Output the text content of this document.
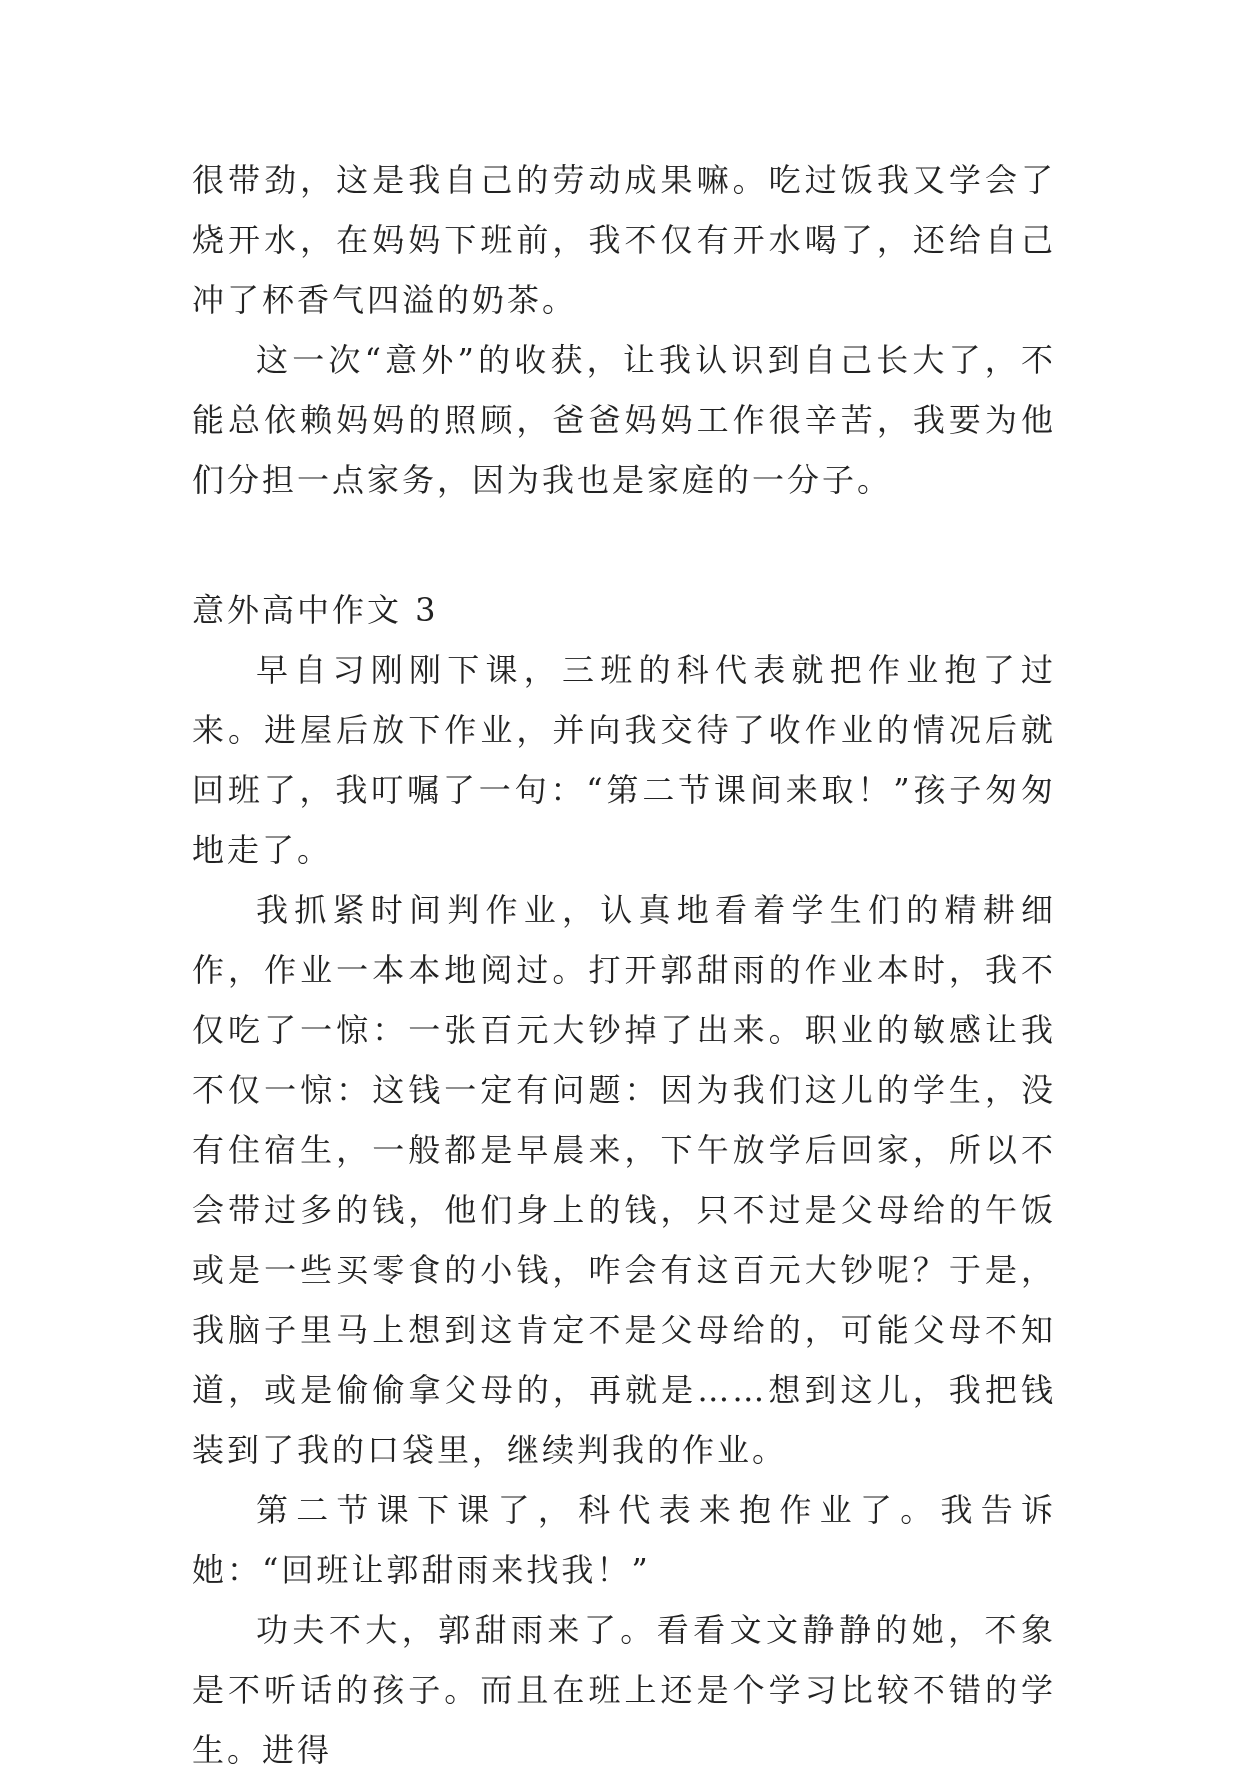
很带劲，这是我自己的劳动成果嘛。吃过饭我又学会了烧开水，在妈妈下班前，我不仅有开水喝了，还给自己冲了杯香气四溢的奶茶。

这一次“意外”的收获，让我认识到自己长大了，不能总依赖妈妈的照顾，爸爸妈妈工作很辛苦，我要为他们分担一点家务，因为我也是家庭的一分子。

意外高中作文 3

早自习刚刚下课，三班的科代表就把作业抱了过来。进屋后放下作业，并向我交待了收作业的情况后就回班了，我叮嘱了一句：“第二节课间来取！”孩子匆匆地走了。

我抓紧时间判作业，认真地看着学生们的精耕细作，作业一本本地阅过。打开郭甜雨的作业本时，我不仅吃了一惊：一张百元大钞掉了出来。职业的敏感让我不仅一惊：这钱一定有问题：因为我们这儿的学生，没有住宿生，一般都是早晨来，下午放学后回家，所以不会带过多的钱，他们身上的钱，只不过是父母给的午饭或是一些买零食的小钱，咋会有这百元大钞呢？于是，我脑子里马上想到这肯定不是父母给的，可能父母不知道，或是偷偷拿父母的，再就是……想到这儿，我把钱装到了我的口袋里，继续判我的作业。

第二节课下课了，科代表来抱作业了。我告诉她：“回班让郭甜雨来找我！”

功夫不大，郭甜雨来了。看看文文静静的她，不象是不听话的孩子。而且在班上还是个学习比较不错的学生。进得
